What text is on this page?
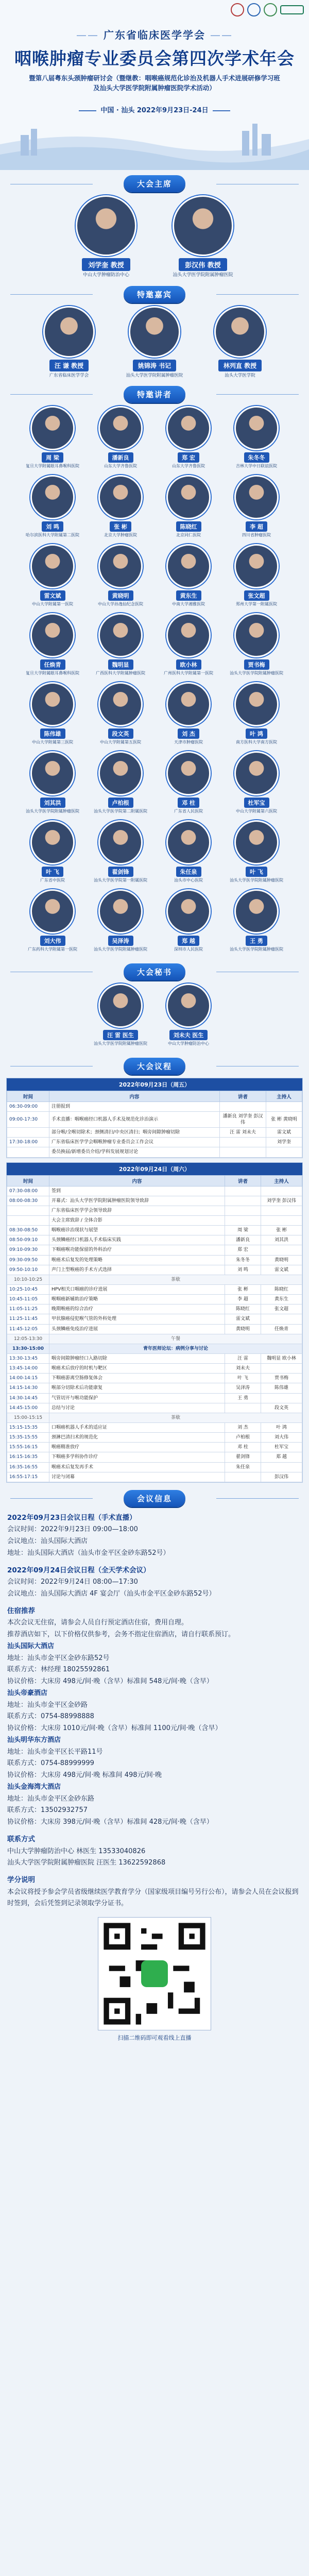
—— 广东省临床医学学会 ——
咽喉肿瘤专业委员会第四次学术年会
暨第八届粤东头颈肿瘤研讨会（暨继教：咽喉癌规范化诊治及机器人手术进展研修学习班
及汕头大学医学院附属肿瘤医院学术活动）
中国 · 汕头 2022年9月23日-24日
大会主席
刘学奎 教授
中山大学肿瘤防治中心
彭汉伟 教授
汕头大学医学院附属肿瘤医院
特邀嘉宾
汪 谦 教授
广东省临床医学学会
姚锦涛 书记
汕头大学医学院附属肿瘤医院
林列直 教授
汕头大学医学院
特邀讲者
周 梁
复旦大学附属眼耳鼻喉科医院
潘新良
山东大学齐鲁医院
郑 宏
山东大学齐鲁医院
朱冬冬
吉林大学中日联谊医院
刘 鸣
哈尔滨医科大学附属第二医院
张 彬
北京大学肿瘤医院
陈晓红
北京同仁医院
李 超
四川省肿瘤医院
雷文斌
中山大学附属第一医院
黄晓明
中山大学孙逸仙纪念医院
黄东生
中南大学湘雅医院
张文超
郑州大学第一附属医院
任焕青
复旦大学附属眼耳鼻喉科医院
魏明显
广西医科大学附属肿瘤医院
欧小林
广州医科大学附属第一医院
贾书梅
汕头大学医学院附属肿瘤医院
陈伟雄
中山大学附属第三医院
段文英
中山大学附属第五医院
刘 杰
天津市肿瘤医院
叶 鸿
南方医科大学南方医院
刘其洪
汕头大学医学院附属肿瘤医院
卢柏根
汕头大学医学院第二附属医院
邓 柱
广东省人民医院
杜军宝
中山大学附属第六医院
叶 飞
广东省中医院
翟剑锋
汕头大学医学院第一附属医院
朱任泉
汕头市中心医院
叶 飞
汕头大学医学院附属肿瘤医院
刘大伟
广东药科大学附属第一医院
吴泽涛
汕头大学医学院附属肿瘤医院
郑 越
深圳市人民医院
王 勇
汕头大学医学院附属肿瘤医院
大会秘书
汪 雷 医生
汕头大学医学院附属肿瘤医院
刘未夫 医生
中山大学肿瘤防治中心
大会议程
2022年09月23日（周五）
时间	内容	讲者	主持人
06:30-09:00	注册报到		
09:00-17:30	手术直播：咽喉癌经口机器人手术及规范化诊治演示	潘新良 刘学奎 彭汉伟	张 彬 黄晓明
	部分喉/全喉切除术；颈侧清扫/中央区清扫；咽旁间隙肿瘤切除	汪 雷 刘未夫	雷文斌
17:30-18:00	广东省临床医学学会咽喉肿瘤专业委员会工作会议		刘学奎
	委员换届/新增委员介绍/学科发展规划讨论		
2022年09月24日（周六）
时间	内容	讲者	主持人
07:30-08:00	签到		
08:00-08:30	开幕式：汕头大学医学院附属肿瘤医院领导致辞		刘学奎 彭汉伟
	广东省临床医学学会领导致辞		
	大会主席致辞 / 全体合影		
08:30-08:50	咽喉癌诊治现状与展望	周 梁	张 彬
08:50-09:10	头颈鳞癌经口机器人手术临床实践	潘新良	刘其洪
09:10-09:30	下咽癌喉功能保留的外科治疗	郑 宏	
09:30-09:50	喉癌术后复发的处理策略	朱冬冬	黄晓明
09:50-10:10	声门上型喉癌的手术方式选择	刘 鸣	雷文斌
10:10-10:25	茶歇		
10:25-10:45	HPV相关口咽癌的诊疗进展	张 彬	陈晓红
10:45-11:05	喉咽癌新辅助治疗策略	李 超	黄东生
11:05-11:25	晚期喉癌的综合治疗	陈晓红	张文超
11:25-11:45	甲状腺癌侵犯喉气管的外科处理	雷文斌	
11:45-12:05	头颈鳞癌免疫治疗进展	黄晓明	任焕青
12:05-13:30	午餐		
13:30-15:00	青年医师论坛：病例分享与讨论		
13:30-13:45	咽旁间隙肿瘤经口入路切除	汪 雷	魏明显 欧小林
13:45-14:00	喉癌术后放疗的时机与靶区	刘未夫	
14:00-14:15	下咽癌游离空肠修复体会	叶 飞	贾书梅
14:15-14:30	喉部分切除术后功能康复	吴泽涛	陈伟雄
14:30-14:45	气管切开与喉功能保护	王 勇	
14:45-15:00	总结与讨论		段文英
15:00-15:15	茶歇		
15:15-15:35	口咽癌机器人手术的适应证	刘 杰	叶 鸿
15:35-15:55	颈淋巴清扫术的规范化	卢柏根	刘大伟
15:55-16:15	喉癌精准放疗	邓 柱	杜军宝
16:15-16:35	下咽癌多学科协作诊疗	翟剑锋	郑 越
16:35-16:55	喉癌术后复发再手术	朱任泉	
16:55-17:15	讨论与闭幕		彭汉伟
会议信息
2022年09月23日会议日程（手术直播）
会议时间：2022年9月23日 09:00—18:00
会议地点：汕头国际大酒店
地址：汕头国际大酒店（汕头市金平区金砂东路52号）
2022年09月24日会议日程（全天学术会议）
会议时间：2022年9月24日 08:00—17:30
会议地点：汕头国际大酒店 4F 宴会厅（汕头市金平区金砂东路52号）
住宿推荐
本次会议无住宿，请参会人员自行预定酒店住宿，费用自理。
推荐酒店如下，以下价格仅供参考，会务不指定住宿酒店，请自行联系预订。
汕头国际大酒店
地址：汕头市金平区金砂东路52号
联系方式：林经理 18025592861
协议价格：大床房 498元/间·晚（含早）标准间 548元/间·晚（含早）
汕头帝豪酒店
地址：汕头市金平区金砂路
联系方式：0754-88998888
协议价格：大床房 1010元/间·晚（含早）标准间 1100元/间·晚（含早）
汕头明华东方酒店
地址：汕头市金平区长平路11号
联系方式：0754-88999999
协议价格：大床房 498元/间·晚 标准间 498元/间·晚
汕头金海湾大酒店
地址：汕头市金平区金砂东路
联系方式：13502932757
协议价格：大床房 398元/间·晚（含早）标准间 428元/间·晚（含早）
联系方式
中山大学肿瘤防治中心 林医生 13533040826
汕头大学医学院附属肿瘤医院 汪医生 13622592868
学分说明
本会议将授予参会学员省级继续医学教育学分（国家级项目编号另行公布），请参会人员在会议报到时签到，会后凭签到记录领取学分证书。
扫描二维码即可观看线上直播
